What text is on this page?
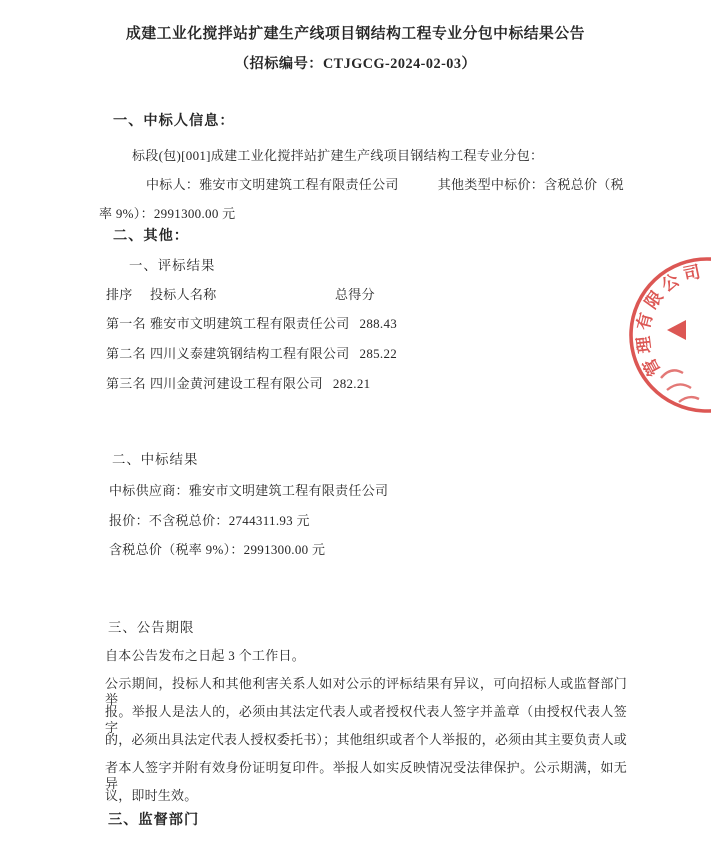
成建工业化搅拌站扩建生产线项目钢结构工程专业分包中标结果公告
（招标编号：CTJGCG-2024-02-03）
一、中标人信息：
标段(包)[001]成建工业化搅拌站扩建生产线项目钢结构工程专业分包：
中标人：雅安市文明建筑工程有限责任公司	其他类型中标价：含税总价（税
率 9%）：2991300.00 元
二、其他：
一、评标结果
排序 投标人名称	总得分
第一名 雅安市文明建筑工程有限责任公司 288.43
第二名 四川义泰建筑钢结构工程有限公司 285.22
第三名 四川金黄河建设工程有限公司 282.21
二、中标结果
中标供应商：雅安市文明建筑工程有限责任公司
报价：不含税总价：2744311.93 元
含税总价（税率 9%）：2991300.00 元
三、公告期限
自本公告发布之日起 3 个工作日。
公示期间，投标人和其他利害关系人如对公示的评标结果有异议，可向招标人或监督部门举
报。举报人是法人的，必须由其法定代表人或者授权代表人签字并盖章（由授权代表人签字
的，必须出具法定代表人授权委托书）；其他组织或者个人举报的，必须由其主要负责人或
者本人签字并附有效身份证明复印件。举报人如实反映情况受法律保护。公示期满，如无异
议，即时生效。
三、监督部门
管理有限公司
